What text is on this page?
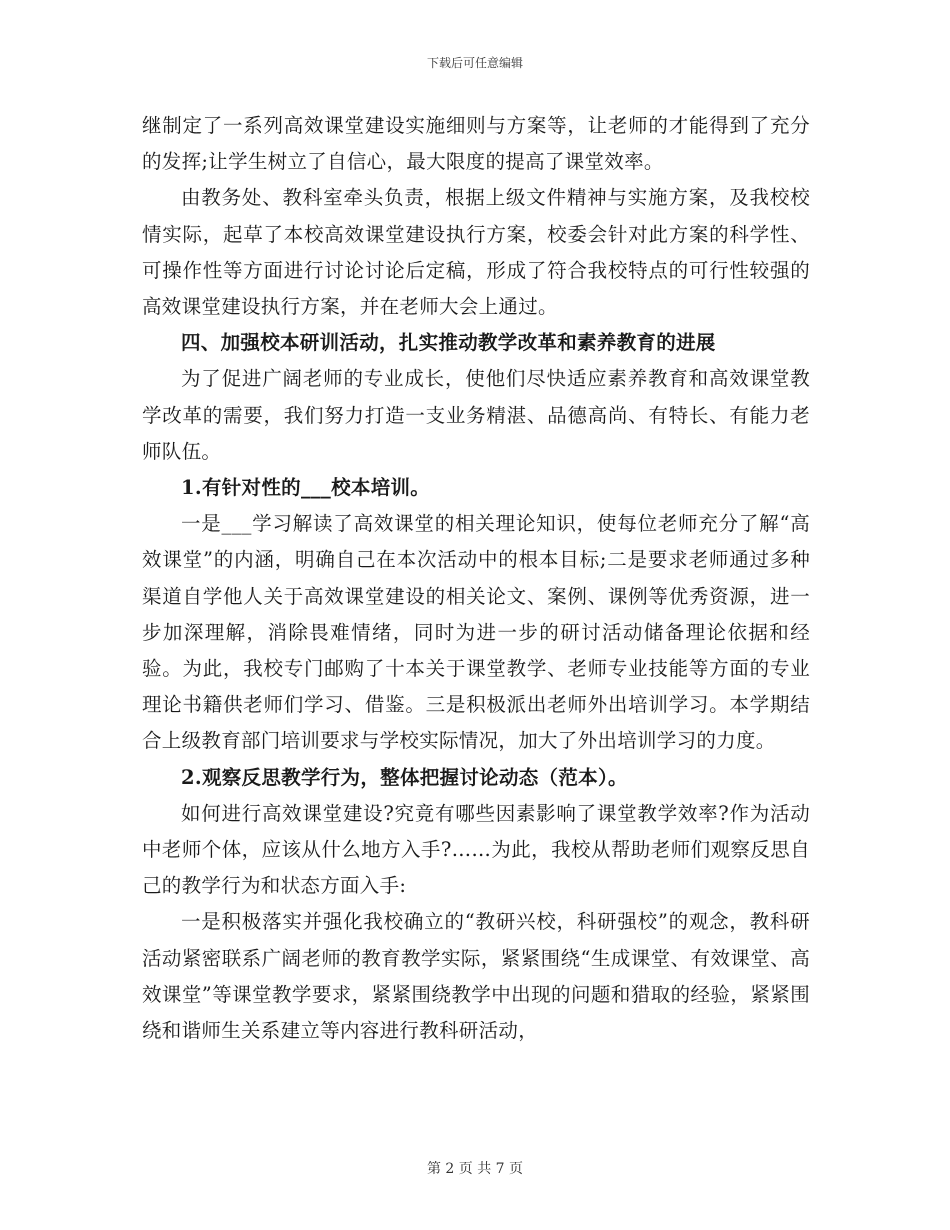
下载后可任意编辑

继制定了一系列高效课堂建设实施细则与方案等，让老师的才能得到了充分的发挥;让学生树立了自信心，最大限度的提高了课堂效率。

由教务处、教科室牵头负责，根据上级文件精神与实施方案，及我校校情实际，起草了本校高效课堂建设执行方案，校委会针对此方案的科学性、可操作性等方面进行讨论讨论后定稿，形成了符合我校特点的可行性较强的高效课堂建设执行方案，并在老师大会上通过。

四、加强校本研训活动，扎实推动教学改革和素养教育的进展

为了促进广阔老师的专业成长，使他们尽快适应素养教育和高效课堂教学改革的需要，我们努力打造一支业务精湛、品德高尚、有特长、有能力老师队伍。

1.有针对性的___校本培训。

一是___学习解读了高效课堂的相关理论知识，使每位老师充分了解“高效课堂”的内涵，明确自己在本次活动中的根本目标;二是要求老师通过多种渠道自学他人关于高效课堂建设的相关论文、案例、课例等优秀资源，进一步加深理解，消除畏难情绪，同时为进一步的研讨活动储备理论依据和经验。为此，我校专门邮购了十本关于课堂教学、老师专业技能等方面的专业理论书籍供老师们学习、借鉴。三是积极派出老师外出培训学习。本学期结合上级教育部门培训要求与学校实际情况，加大了外出培训学习的力度。

2.观察反思教学行为，整体把握讨论动态（范本）。

如何进行高效课堂建设?究竟有哪些因素影响了课堂教学效率?作为活动中老师个体，应该从什么地方入手?……为此，我校从帮助老师们观察反思自己的教学行为和状态方面入手:

一是积极落实并强化我校确立的“教研兴校，科研强校”的观念，教科研活动紧密联系广阔老师的教育教学实际，紧紧围绕“生成课堂、有效课堂、高效课堂”等课堂教学要求，紧紧围绕教学中出现的问题和猎取的经验，紧紧围绕和谐师生关系建立等内容进行教科研活动，

第 2 页 共 7 页
